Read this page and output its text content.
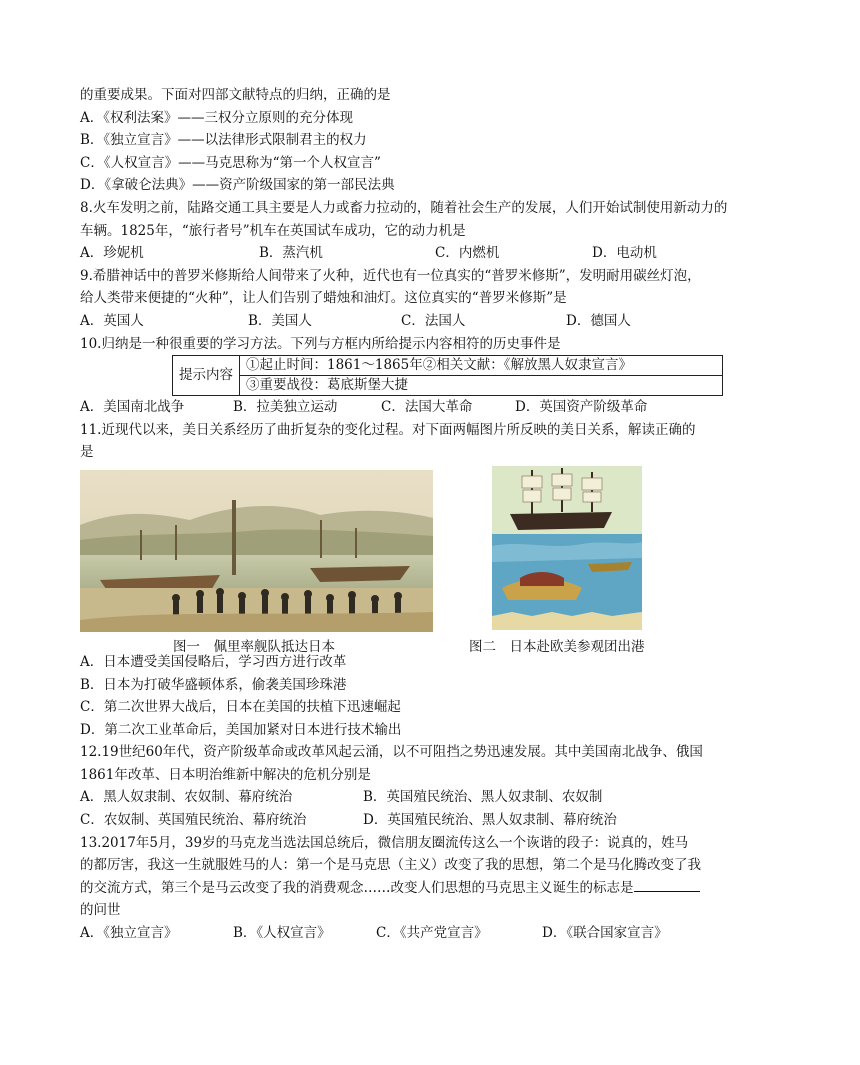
的重要成果。下面对四部文献特点的归纳，正确的是
A．《权利法案》——三权分立原则的充分体现
B．《独立宣言》——以法律形式限制君主的权力
C．《人权宣言》——马克思称为“第一个人权宣言”
D．《拿破仑法典》——资产阶级国家的第一部民法典
8.火车发明之前，陆路交通工具主要是人力或畜力拉动的，随着社会生产的发展，人们开始试制使用新动力的
车辆。1825年，“旅行者号”机车在英国试车成功，它的动力机是
A．珍妮机	B．蒸汽机	C．内燃机	D．电动机
9.希腊神话中的普罗米修斯给人间带来了火种，近代也有一位真实的“普罗米修斯”，发明耐用碳丝灯泡，
给人类带来便捷的“火种”，让人们告别了蜡烛和油灯。这位真实的“普罗米修斯”是
A．英国人	B．美国人	C．法国人	D．德国人
10.归纳是一种很重要的学习方法。下列与方框内所给提示内容相符的历史事件是
提示内容	①起止时间：1861～1865年②相关文献：《解放黑人奴隶宣言》
③重要战役：葛底斯堡大捷
A．美国南北战争	B．拉美独立运动	C．法国大革命	D．英国资产阶级革命
11.近现代以来，美日关系经历了曲折复杂的变化过程。对下面两幅图片所反映的美日关系，解读正确的
是
图一　佩里率舰队抵达日本	图二　日本赴欧美参观团出港
A．日本遭受美国侵略后，学习西方进行改革
B．日本为打破华盛顿体系，偷袭美国珍珠港
C．第二次世界大战后，日本在美国的扶植下迅速崛起
D．第二次工业革命后，美国加紧对日本进行技术输出
12.19世纪60年代，资产阶级革命或改革风起云涌，以不可阻挡之势迅速发展。其中美国南北战争、俄国
1861年改革、日本明治维新中解决的危机分别是
A．黑人奴隶制、农奴制、幕府统治	B．英国殖民统治、黑人奴隶制、农奴制
C．农奴制、英国殖民统治、幕府统治	D．英国殖民统治、黑人奴隶制、幕府统治
13.2017年5月，39岁的马克龙当选法国总统后，微信朋友圈流传这么一个诙谐的段子：说真的，姓马
的都厉害，我这一生就服姓马的人：第一个是马克思（主义）改变了我的思想，第二个是马化腾改变了我
的交流方式，第三个是马云改变了我的消费观念……改变人们思想的马克思主义诞生的标志是
的问世
A．《独立宣言》	B．《人权宣言》	C．《共产党宣言》	D．《联合国家宣言》
